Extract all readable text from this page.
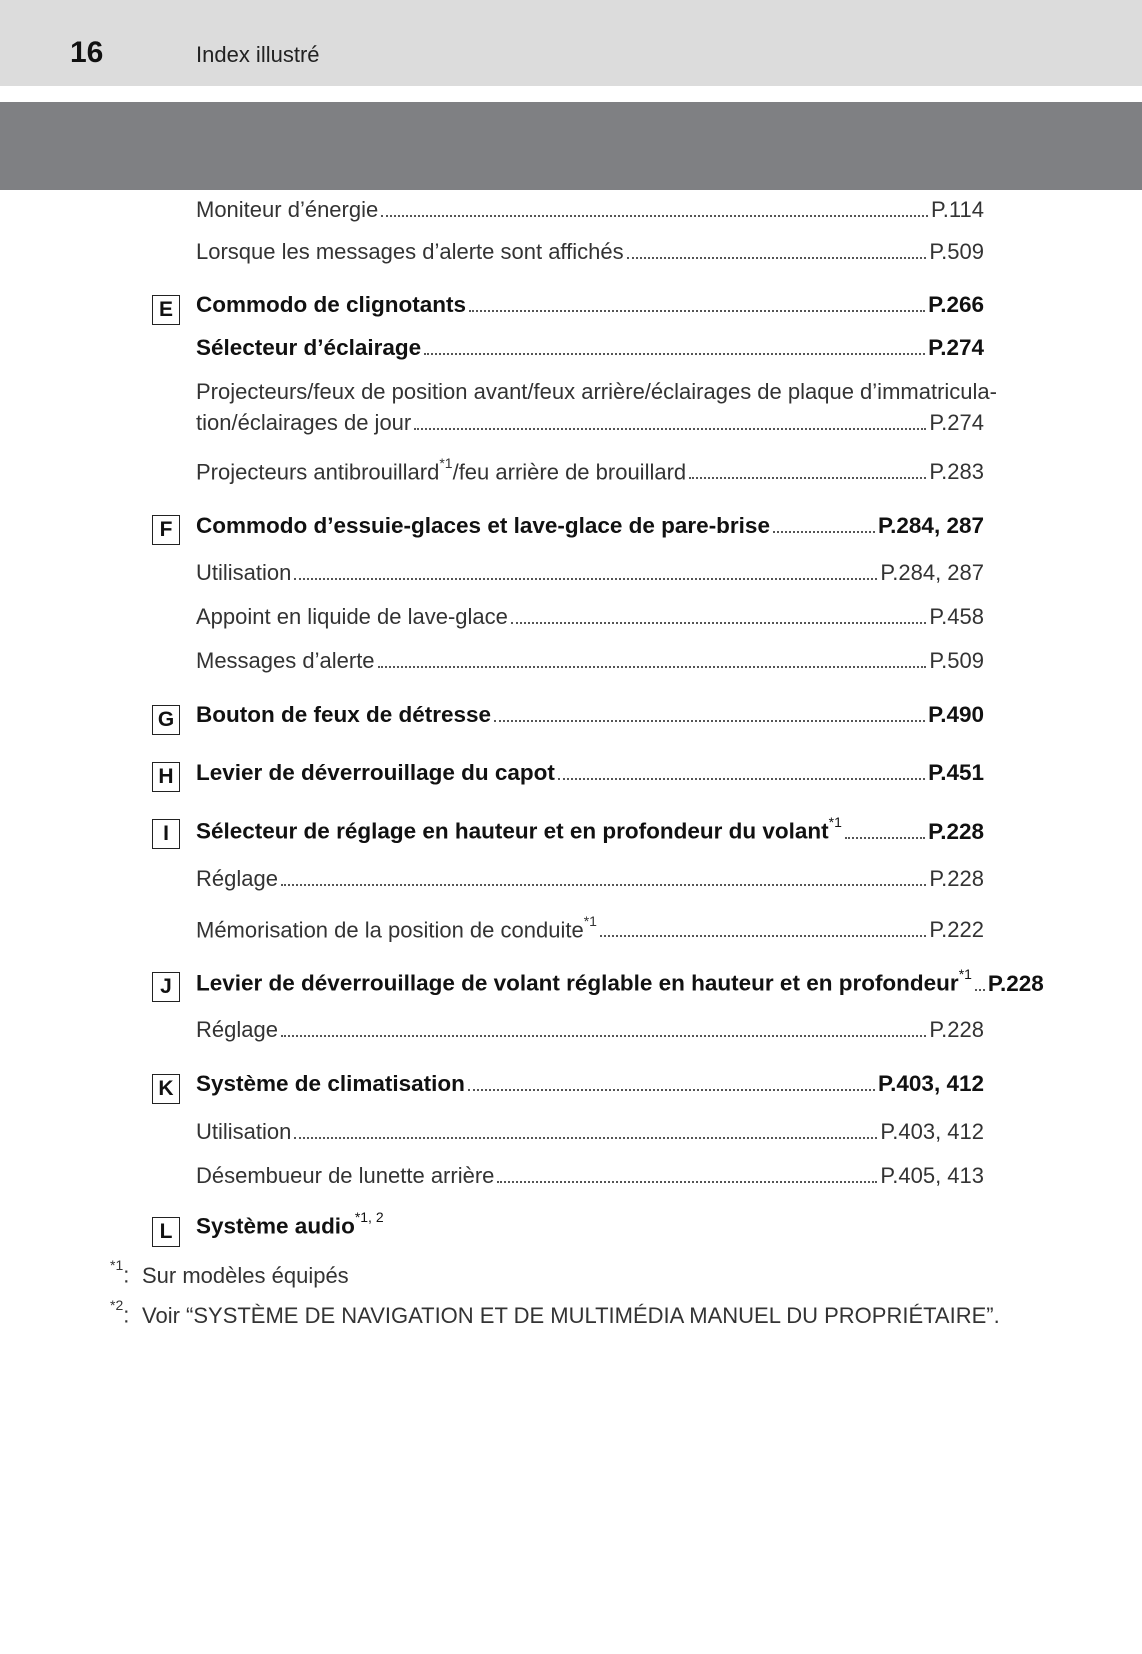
16	Index illustré
Moniteur d’énergie	P.114
Lorsque les messages d’alerte sont affichés	P.509
E	Commodo de clignotants	P.266
Sélecteur d’éclairage	P.274
Projecteurs/feux de position avant/feux arrière/éclairages de plaque d’immatricula-
tion/éclairages de jour	P.274
Projecteurs antibrouillard$^{*1}$/feu arrière de brouillard	P.283
F	Commodo d’essuie-glaces et lave-glace de pare-brise	P.284, 287
Utilisation	P.284, 287
Appoint en liquide de lave-glace	P.458
Messages d’alerte	P.509
G Bouton de feux de détresse	P.490
H Levier de déverrouillage du capot	P.451
I	Sélecteur de réglage en hauteur et en profondeur du volant$^{*1}$	P.228
Réglage	P.228
Mémorisation de la position de conduite$^{*1}$	P.222
J	Levier de déverrouillage de volant réglable en hauteur et en profondeur$^{*1}$ P.228
Réglage	P.228
K Système de climatisation	P.403, 412
Utilisation	P.403, 412
Désembueur de lunette arrière	P.405, 413
L	Système audio$^{*1, 2}$
$^{*1}$: Sur modèles équipés
$^{*2}$: Voir “SYSTÈME DE NAVIGATION ET DE MULTIMÉDIA MANUEL DU PROPRIÉTAIRE”.
